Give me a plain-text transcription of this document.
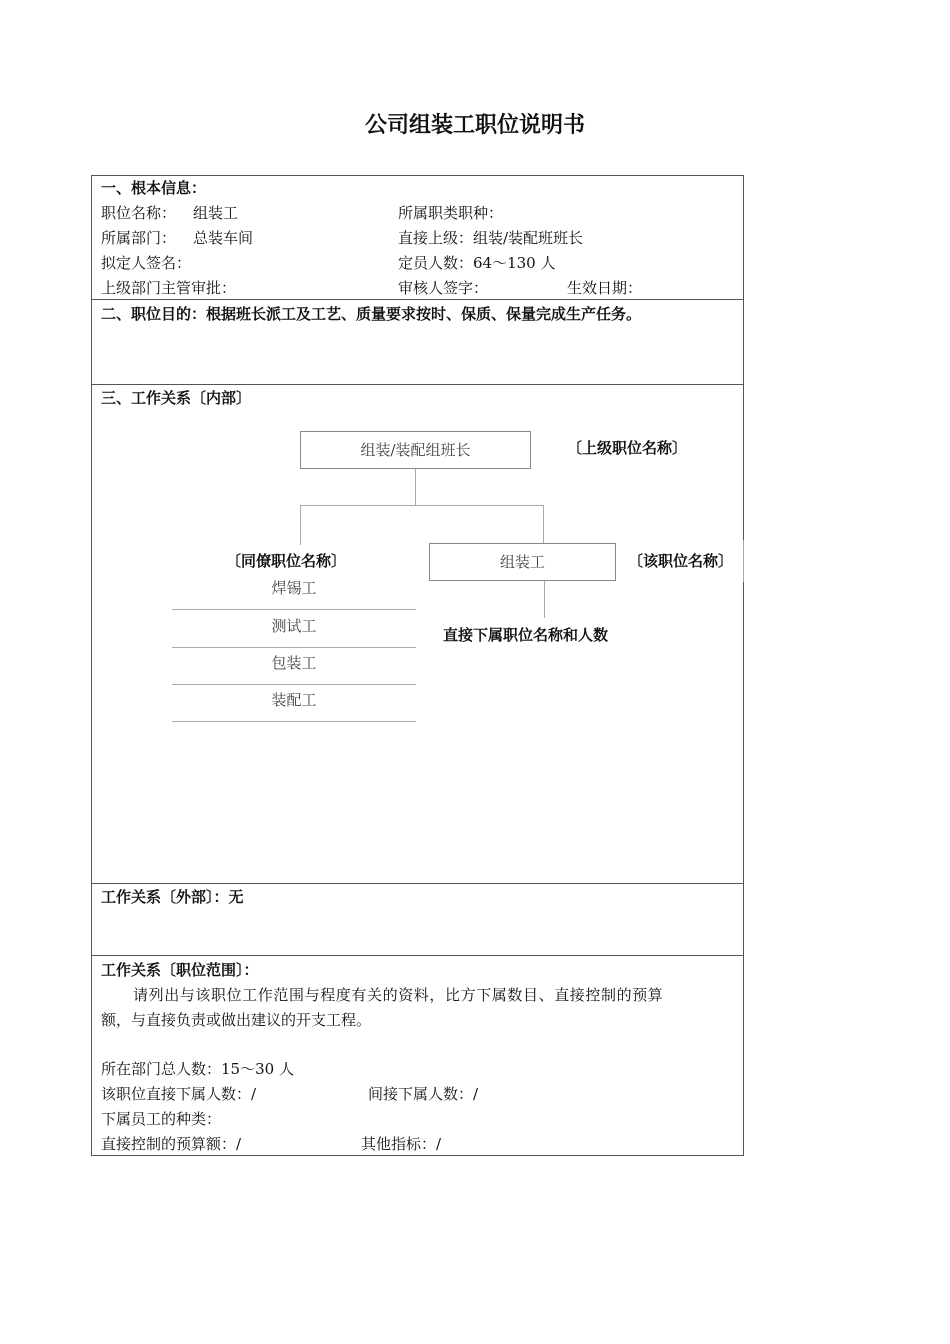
公司组装工职位说明书
一、根本信息：
职位名称： 组装工	所属职类职种：
所属部门： 总装车间	直接上级：组装/装配班班长
拟定人签名：	定员人数：64～130 人
上级部门主管审批：	审核人签字：	生效日期：
二、职位目的：根据班长派工及工艺、质量要求按时、保质、保量完成生产任务。
三、工作关系〔内部〕
组装/装配组班长	〔上级职位名称〕
〔同僚职位名称〕	组装工	〔该职位名称〕
直接下属职位名称和人数
焊锡工
测试工
包装工
装配工
工作关系〔外部〕：无
工作关系〔职位范围〕：
请列出与该职位工作范围与程度有关的资料，比方下属数目、直接控制的预算
额，与直接负责或做出建议的开支工程。
所在部门总人数：15～30 人
该职位直接下属人数：/	间接下属人数：/
下属员工的种类：
直接控制的预算额：/	其他指标：/
